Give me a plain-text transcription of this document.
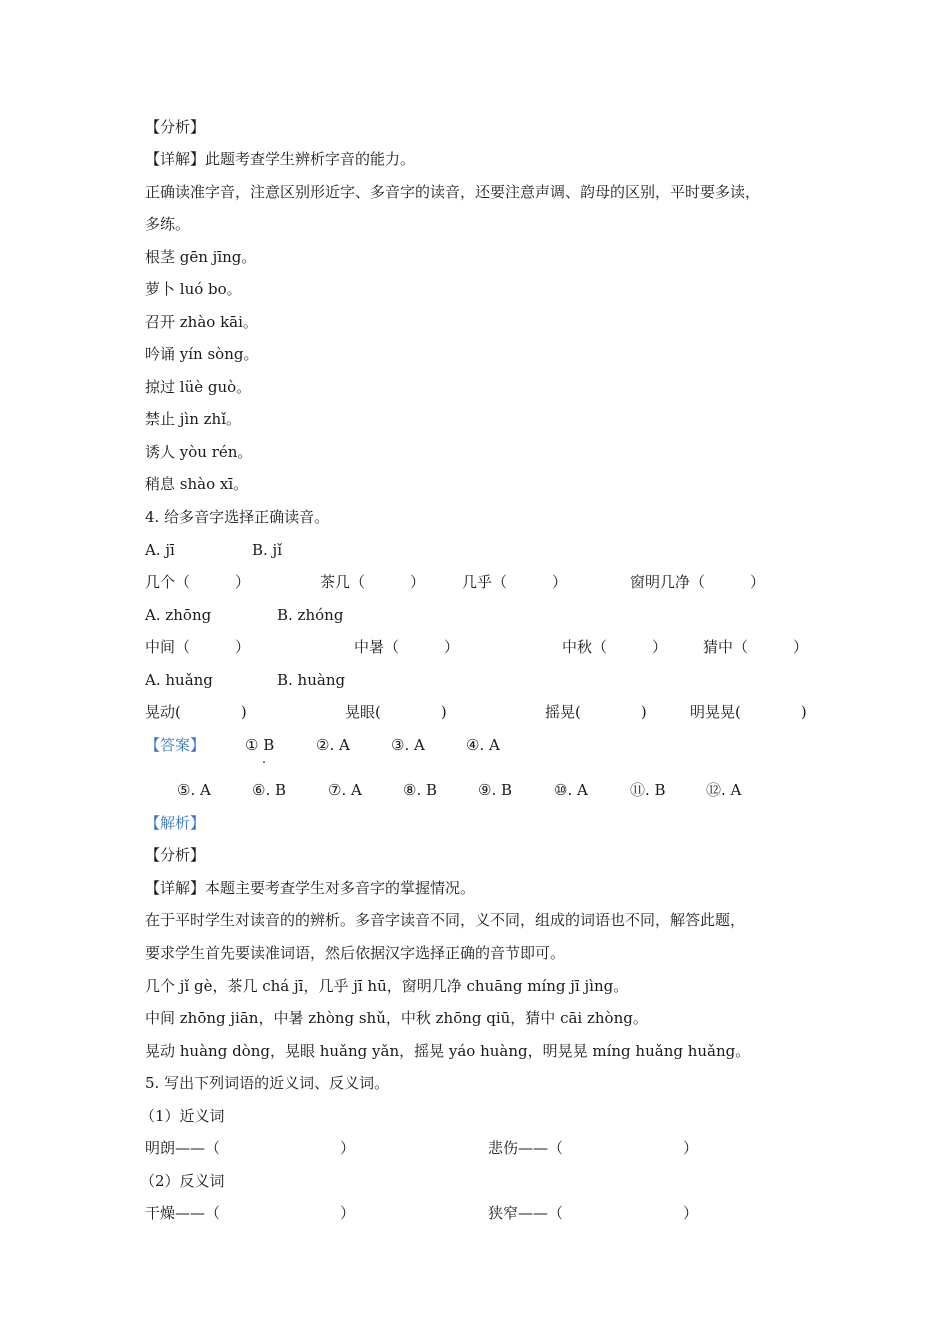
【分析】
【详解】此题考查学生辨析字音的能力。
正确读准字音，注意区别形近字、多音字的读音，还要注意声调、韵母的区别，平时要多读，
多练。
根茎 gēn jīng。
萝卜 luó bo。
召开 zhào kāi。
吟诵 yín sòng。
掠过 lüè guò。
禁止 jìn zhǐ。
诱人 yòu rén。
稍息 shào xī。
4. 给多音字选择正确读音。
A. jī	B. jǐ
几个（　　　）	茶几（　　　） 几乎（　　　）	窗明几净（　　　）
A. zhōng	B. zhóng
中间（　　　）	中暑（　　　）	中秋（　　　） 猜中（　　　）
A. huǎng	B. huàng
晃动(　　　　)	晃眼(　　　　)	摇晃(　　　　)	明晃晃(　　　　)
【答案】	① B	②. A	③. A	④. A
⑤. A	⑥. B	⑦. A	⑧. B	⑨. B	⑩. A	⑪. B	⑫. A
【解析】
【分析】
【详解】本题主要考查学生对多音字的掌握情况。
在于平时学生对读音的的辨析。多音字读音不同，义不同，组成的词语也不同，解答此题，
要求学生首先要读准词语，然后依据汉字选择正确的音节即可。
几个 jǐ gè，茶几 chá jī，几乎 jī hū，窗明几净 chuāng míng jī jìng。
中间 zhōng jiān，中暑 zhòng shǔ，中秋 zhōng qiū，猜中 cāi zhòng。
晃动 huàng dòng，晃眼 huǎng yǎn，摇晃 yáo huàng，明晃晃 míng huǎng huǎng。
5. 写出下列词语的近义词、反义词。
（1）近义词
明朗——（　　　　　　　　）	悲伤——（　　　　　　　　）
（2）反义词
干燥——（　　　　　　　　）	狭窄——（　　　　　　　　）
